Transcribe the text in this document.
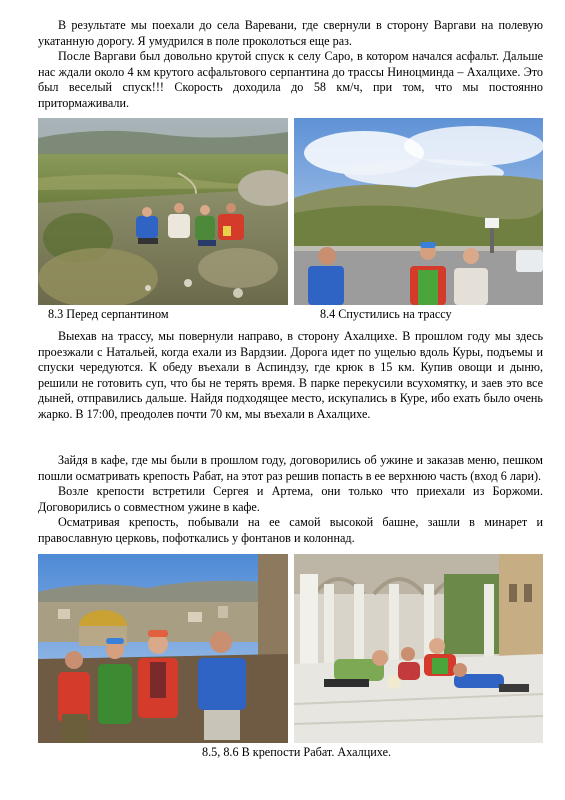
В результате мы поехали до села Варевани, где свернули в сторону Варгави на полевую укатанную дорогу. Я умудрился в поле проколоться еще раз.

После Варгави был довольно крутой спуск к селу Саро, в котором начался асфальт. Дальше нас ждали около 4 км крутого асфальтового серпантина до трассы Ниноцминда – Ахалцихе. Это был веселый спуск!!! Скорость доходила до 58 км/ч, при том, что мы постоянно притормаживали.

8.3 Перед серпантином	8.4 Спустились на трассу

Выехав на трассу, мы повернули направо, в сторону Ахалцихе. В прошлом году мы здесь проезжали с Натальей, когда ехали из Вардзии. Дорога идет по ущелью вдоль Куры, подъемы и спуски чередуются. К обеду въехали в Аспиндзу, где крюк в 15 км. Купив овощи и дыню, решили не готовить суп, что бы не терять время. В парке перекусили всухомятку, и заев это все дыней, отправились дальше. Найдя подходящее место, искупались в Куре, ибо ехать было очень жарко. В 17:00, преодолев почти 70 км, мы въехали в Ахалцихе.

Зайдя в кафе, где мы были в прошлом году, договорились об ужине и заказав меню, пешком пошли осматривать крепость Рабат, на этот раз решив попасть в ее верхнюю часть (вход 6 лари).

Возле крепости встретили Сергея и Артема, они только что приехали из Боржоми. Договорились о совместном ужине в кафе.

Осматривая крепость, побывали на ее самой высокой башне, зашли в минарет и православную церковь, пофоткались у фонтанов и колоннад.

8.5, 8.6 В крепости Рабат. Ахалцихе.
